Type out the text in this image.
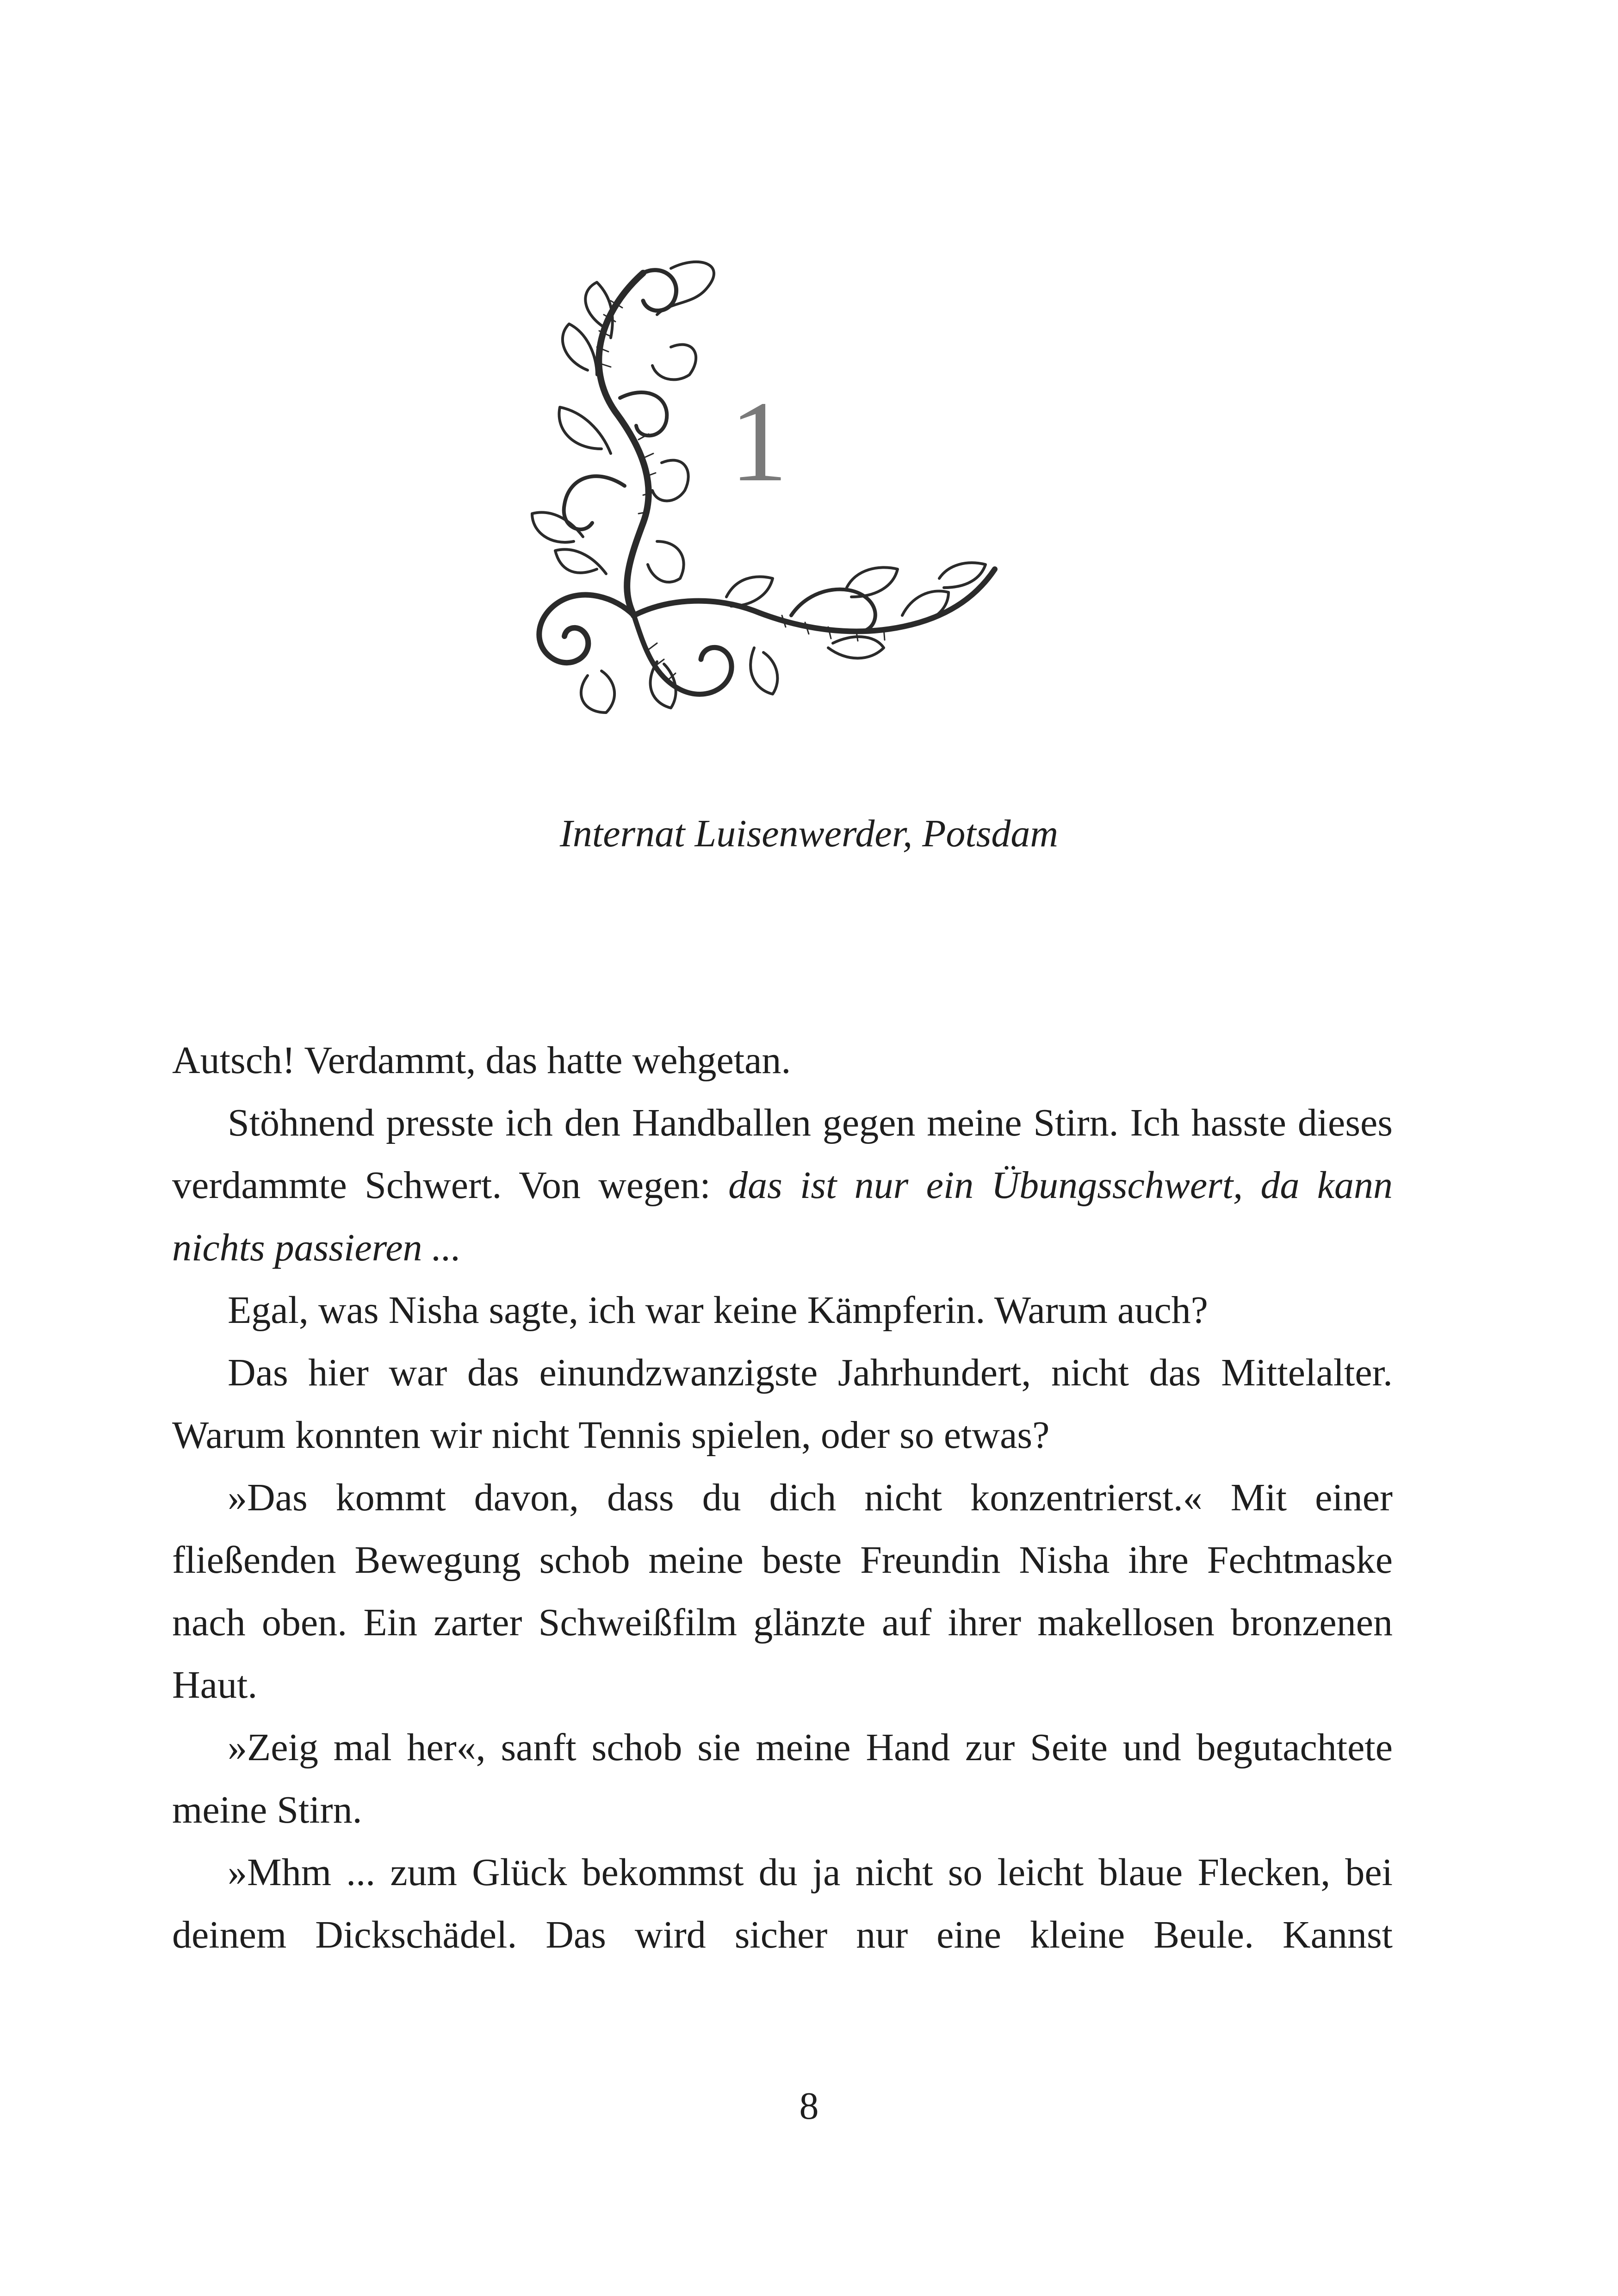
1
Internat Luisenwerder, Potsdam

Autsch! Verdammt, das hatte wehgetan.

Stöhnend presste ich den Handballen gegen meine Stirn. Ich hasste dieses verdammte Schwert. Von wegen: das ist nur ein Übungsschwert, da kann nichts passieren ...

Egal, was Nisha sagte, ich war keine Kämpferin. Warum auch?

Das hier war das einundzwanzigste Jahrhundert, nicht das Mittelalter. Warum konnten wir nicht Tennis spielen, oder so etwas?

»Das kommt davon, dass du dich nicht konzentrierst.« Mit einer fließenden Bewegung schob meine beste Freundin Nisha ihre Fechtmaske nach oben. Ein zarter Schweißfilm glänzte auf ihrer makellosen bronzenen Haut.

»Zeig mal her«, sanft schob sie meine Hand zur Seite und begutachtete meine Stirn.

»Mhm ... zum Glück bekommst du ja nicht so leicht blaue Flecken, bei deinem Dickschädel. Das wird sicher nur eine kleine Beule. Kannst

8
